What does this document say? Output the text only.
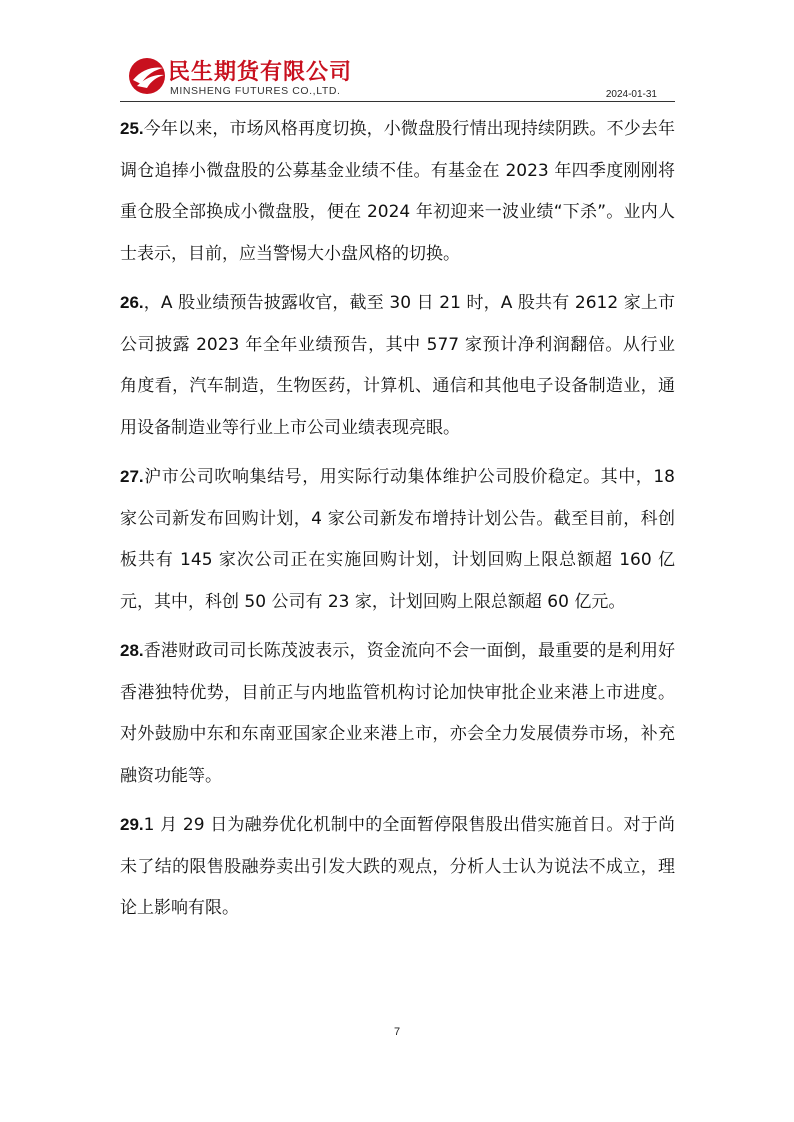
民生期货有限公司
MINSHENG FUTURES CO.,LTD.	2024-01-31

25.今年以来，市场风格再度切换，小微盘股行情出现持续阴跌。不少去年调仓追捧小微盘股的公募基金业绩不佳。有基金在 2023 年四季度刚刚将重仓股全部换成小微盘股，便在 2024 年初迎来一波业绩“下杀”。业内人士表示，目前，应当警惕大小盘风格的切换。

26.，A 股业绩预告披露收官，截至 30 日 21 时，A 股共有 2612 家上市公司披露 2023 年全年业绩预告，其中 577 家预计净利润翻倍。从行业角度看，汽车制造，生物医药，计算机、通信和其他电子设备制造业，通用设备制造业等行业上市公司业绩表现亮眼。

27.沪市公司吹响集结号，用实际行动集体维护公司股价稳定。其中，18 家公司新发布回购计划，4 家公司新发布增持计划公告。截至目前，科创板共有 145 家次公司正在实施回购计划，计划回购上限总额超 160 亿元，其中，科创 50 公司有 23 家，计划回购上限总额超 60 亿元。

28.香港财政司司长陈茂波表示，资金流向不会一面倒，最重要的是利用好香港独特优势，目前正与内地监管机构讨论加快审批企业来港上市进度。对外鼓励中东和东南亚国家企业来港上市，亦会全力发展债券市场，补充融资功能等。

29.1 月 29 日为融券优化机制中的全面暂停限售股出借实施首日。对于尚未了结的限售股融券卖出引发大跌的观点，分析人士认为说法不成立，理论上影响有限。

7
